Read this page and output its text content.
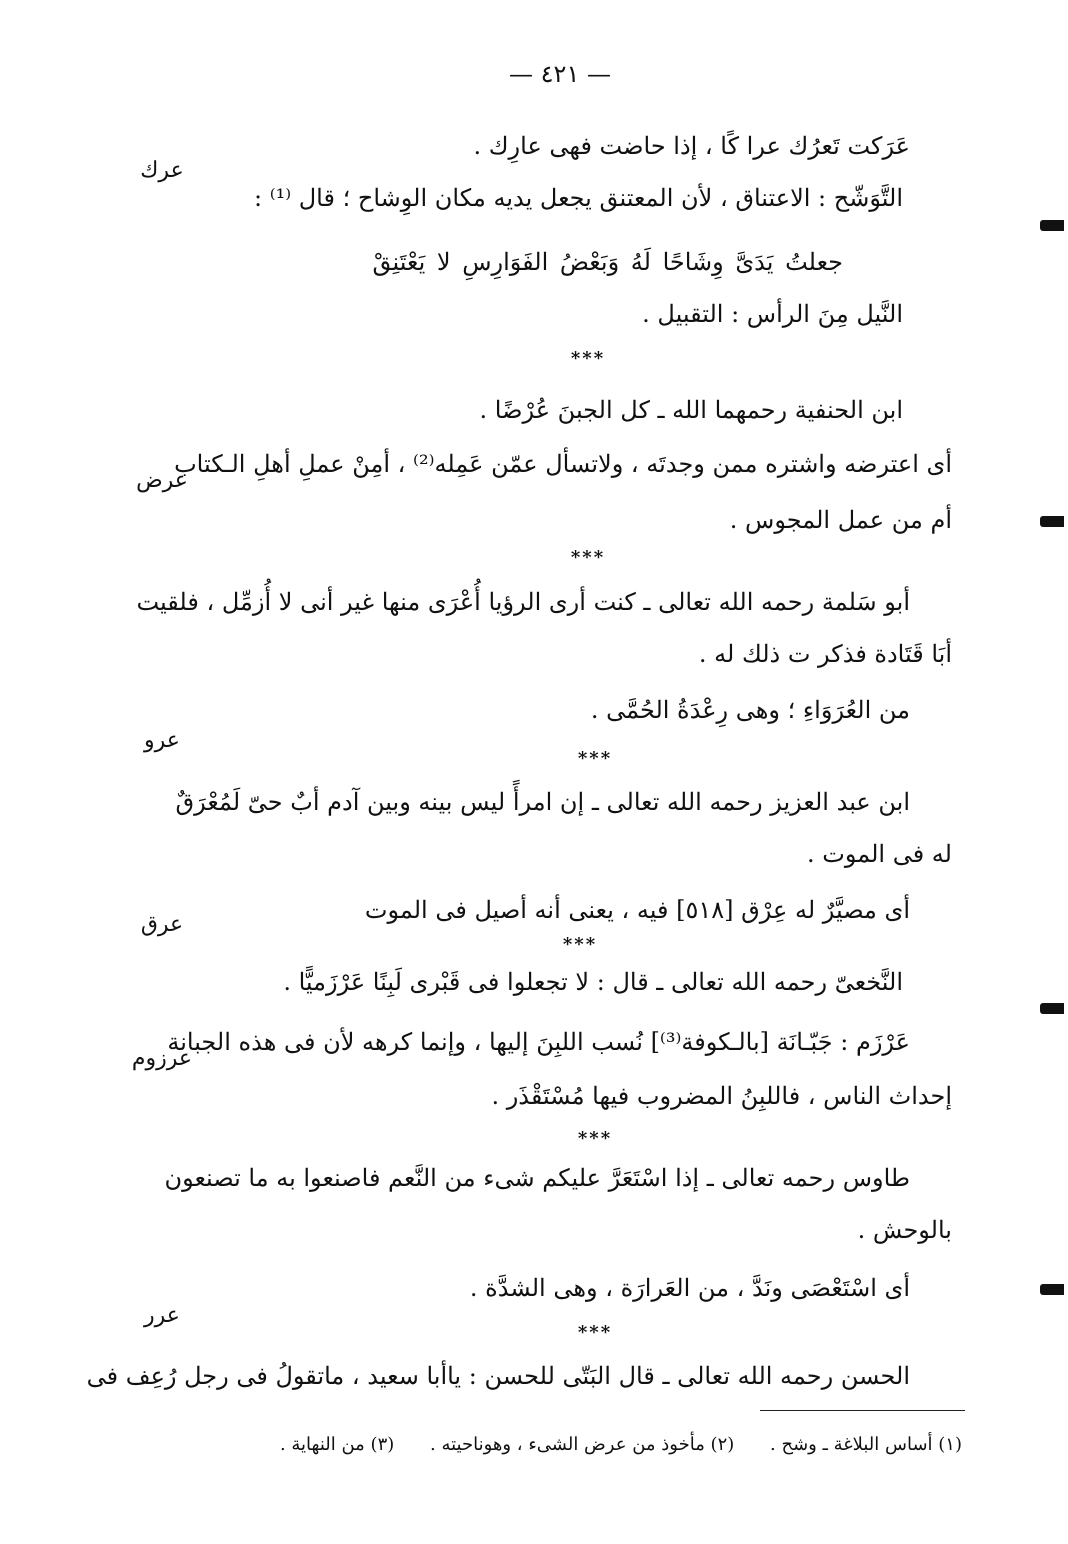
— ٤٢١ —
عرك
عرض
عرو
عرق
عرزوم
عرر
عَرَكت تَعرُك عرا كًا ، إذا حاضت فهى عارِك .
التَّوَشّح : الاعتناق ، لأن المعتنق يجعل يديه مكان الوِشاح ؛ قال ⁽¹⁾ :
جعلتُ يَدَىَّ وِشَاحًا لَهُ وَبَعْضُ الفَوَارِسِ لا يَعْتَنِقْ
النَّيل مِنَ الرأس : التقبيل .
***
ابن الحنفية رحمهما الله ـ كل الجبنَ عُرْضًا .
أى اعترضه واشتره ممن وجدتَه ، ولاتسأل عمّن عَمِله⁽²⁾ ، أمِنْ عملِ أهلِ الـكتاب
أم من عمل المجوس .
***
أبو سَلمة رحمه الله تعالى ـ كنت أرى الرؤيا أُعْرَى منها غير أنى لا أُزمِّل ، فلقيت
أبَا قَتَادة فذكر ت ذلك له .
من العُرَوَاءِ ؛ وهى رِعْدَةُ الحُمَّى .
***
ابن عبد العزيز رحمه الله تعالى ـ إن امرأً ليس بينه وبين آدم أبٌ حىّ لَمُعْرَقٌ
له فى الموت .
أى مصيَّرٌ له عِرْق [٥١٨] فيه ، يعنى أنه أصيل فى الموت
***
النَّخعىّ رحمه الله تعالى ـ قال : لا تجعلوا فى قَبْرى لَبِنًا عَرْزَميًّا .
عَرْزَم : جَبّـانَة [بالـكوفة⁽³⁾] نُسب اللبِنَ إليها ، وإنما كرهه لأن فى هذه الجبانة
إحداث الناس ، فاللبِنُ المضروب فيها مُسْتَقْذَر .
***
طاوس رحمه تعالى ـ إذا اسْتَعَرَّ عليكم شىء من النَّعم فاصنعوا به ما تصنعون
بالوحش .
أى اسْتَعْصَى ونَدَّ ، من العَرارَة ، وهى الشدَّة .
***
الحسن رحمه الله تعالى ـ قال البَتّى للحسن : ياأبا سعيد ، ماتقولُ فى رجل رُعِف فى
(١) أساس البلاغة ـ وشح . (٢) مأخوذ من عرض الشىء ، وهوناحيته . (٣) من النهاية .
